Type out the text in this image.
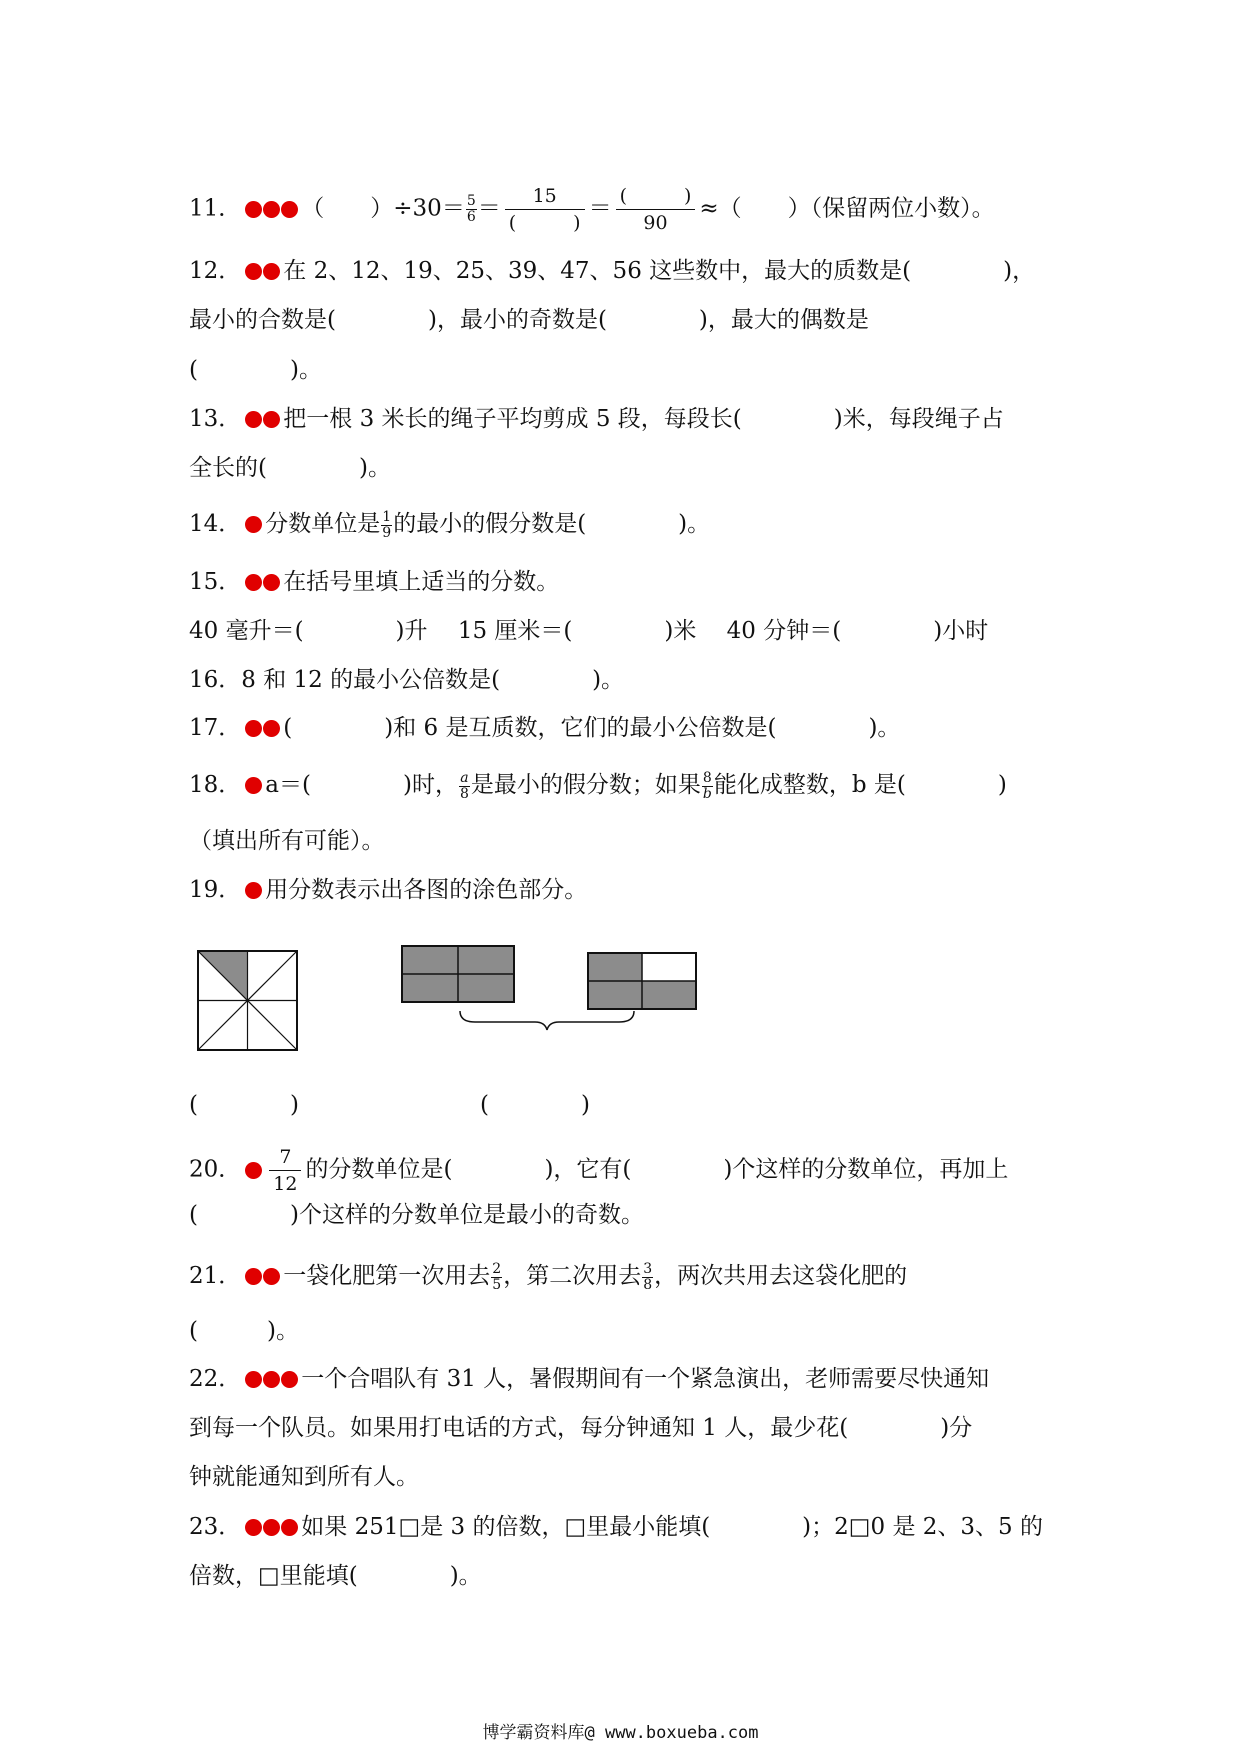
11．	（　　）$\div 30= \frac{5}{6}$ ＝	15
(　　　)
＝ (　　　)
90
≈（　　）（保留两位小数）。
12． 在 2、12、19、25、39、47、56 这些数中，最大的质数是(　　　　)，
最小的合数是(　　　　)，最小的奇数是(　　　　)，最大的偶数是
(　　　　)。
13． 把一根 3 米长的绳子平均剪成 5 段，每段长(　　　　)米，每段绳子占
全长的(　　　　)。
14． 分数单位是 $\frac{1}{9}$ 的最小的假分数是(　　　　)。
15． 在括号里填上适当的分数。
40 毫升＝(　　　　)升　 15 厘米＝(　　　　)米　 40 分钟＝(　　　　)小时
16．8 和 12 的最小公倍数是(　　　　)。
17． (　　　　)和 6 是互质数，它们的最小公倍数是(　　　　)。
18． a＝(　　　　)时， $\frac{a}{8}$ 是最小的假分数；如果 $\frac{8}{b}$ 能化成整数，b 是(　　　　)
（填出所有可能）。
19． 用分数表示出各图的涂色部分。
(　　　　)	(　　　　)
20． $\frac{7}{12}$ 的分数单位是(　　　　)，它有(　　　　)个这样的分数单位，再加上
(　　　　)个这样的分数单位是最小的奇数。
21． 一袋化肥第一次用去 $\frac{2}{5}$ ，第二次用去 $\frac{3}{8}$ ，两次共用去这袋化肥的
(　　　)。
22．	一个合唱队有 31 人，暑假期间有一个紧急演出，老师需要尽快通知
到每一个队员。如果用打电话的方式，每分钟通知 1 人，最少花(　　　　)分
钟就能通知到所有人。
23．	如果 251□是 3 的倍数，□里最小能填(　　　　)；2□0 是 2、3、5 的
倍数，□里能填(　　　　)。
博学霸资料库@ www.boxueba.com
